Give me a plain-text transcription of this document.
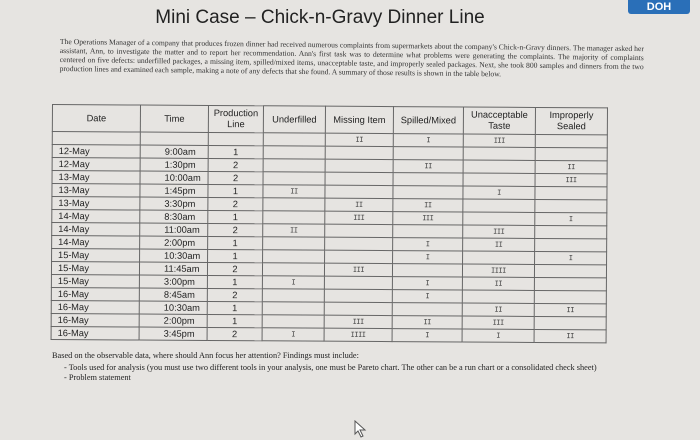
DOH
Mini Case – Chick-n-Gravy Dinner Line
The Operations Manager of a company that produces frozen dinner had received numerous complaints from supermarkets about the company's Chick-n-Gravy dinners. The manager asked her assistant, Ann, to investigate the matter and to report her recommendation. Ann's first task was to determine what problems were generating the complaints. The majority of complaints centered on five defects: underfilled packages, a missing item, spilled/mixed items, unacceptable taste, and improperly sealed packages. Next, she took 800 samples and dinners from the two production lines and examined each sample, making a note of any defects that she found. A summary of those results is shown in the table below.
Date	Time	Production Line	Underfilled	Missing Item	Spilled/Mixed	Unacceptable Taste	Improperly Sealed
				II	I	III	
12-May	9:00am	1					
12-May	1:30pm	2			II		II
13-May	10:00am	2					III
13-May	1:45pm	1	II			I	
13-May	3:30pm	2		II	II		
14-May	8:30am	1		III	III		I
14-May	11:00am	2	II			III	
14-May	2:00pm	1			I	II	
15-May	10:30am	1			I		I
15-May	11:45am	2		III		IIII	
15-May	3:00pm	1	I		I	II	
16-May	8:45am	2			I		
16-May	10:30am	1				II	II
16-May	2:00pm	1		III	II	III	
16-May	3:45pm	2	I	IIII	I	I	II
Based on the observable data, where should Ann focus her attention? Findings must include:
- Tools used for analysis (you must use two different tools in your analysis, one must be Pareto chart. The other can be a run chart or a consolidated check sheet)
- Problem statement
